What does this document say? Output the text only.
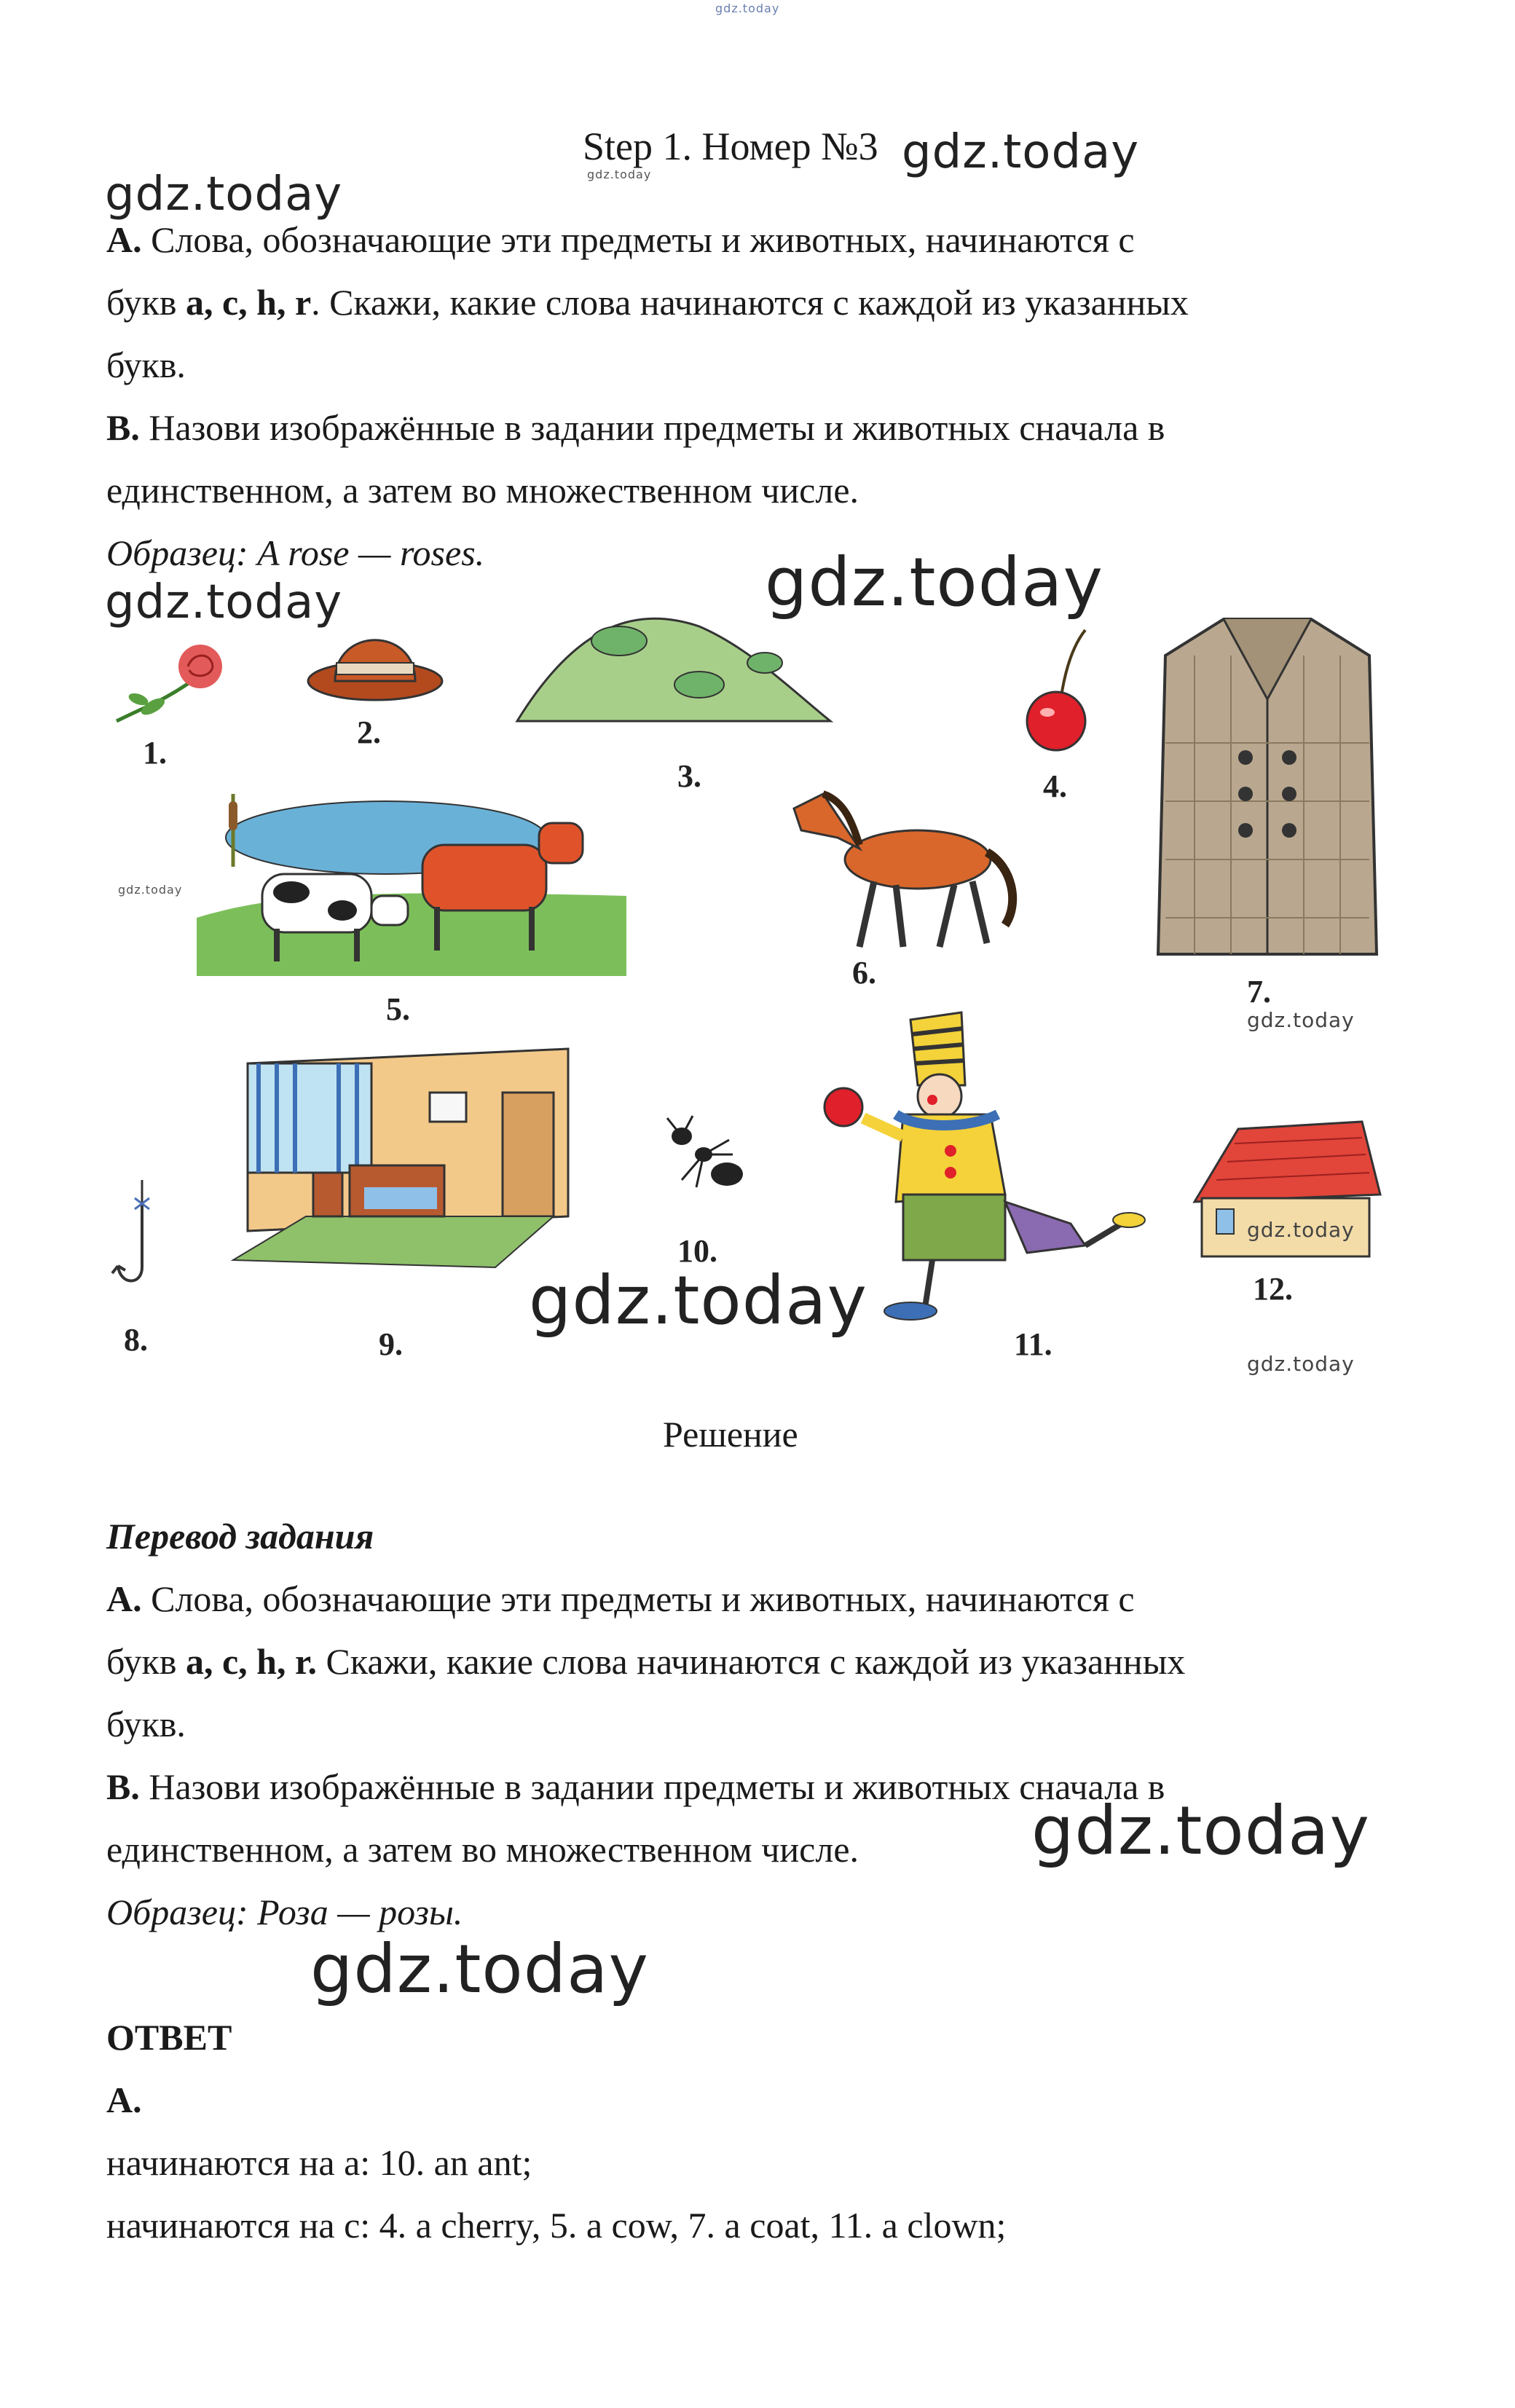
gdz.today
Step 1. Номер №3 gdz.today
gdz.today
gdz.today
A. Слова, обозначающие эти предметы и животных, начинаются с
букв a, c, h, r. Скажи, какие слова начинаются с каждой из указанных
букв.
B. Назови изображённые в задании предметы и животных сначала в
единственном, а затем во множественном числе.
Образец: A rose — roses.
gdz.today	gdz.today
1.
2.
3.	4.
7.
gdz.today
gdz.today
5.
6.
9.
8.
10.
11.
gdz.today
12.
gdz.today
gdz.today
Решение
Перевод задания
A. Слова, обозначающие эти предметы и животных, начинаются с
букв a, c, h, r. Скажи, какие слова начинаются с каждой из указанных
букв.
B. Назови изображённые в задании предметы и животных сначала в
единственном, а затем во множественном числе.	gdz.today
Образец: Роза — розы.
gdz.today
ОТВЕТ
A.
начинаются на а: 10. an ant;
начинаются на с: 4. a cherry, 5. a cow, 7. a coat, 11. a clown;
